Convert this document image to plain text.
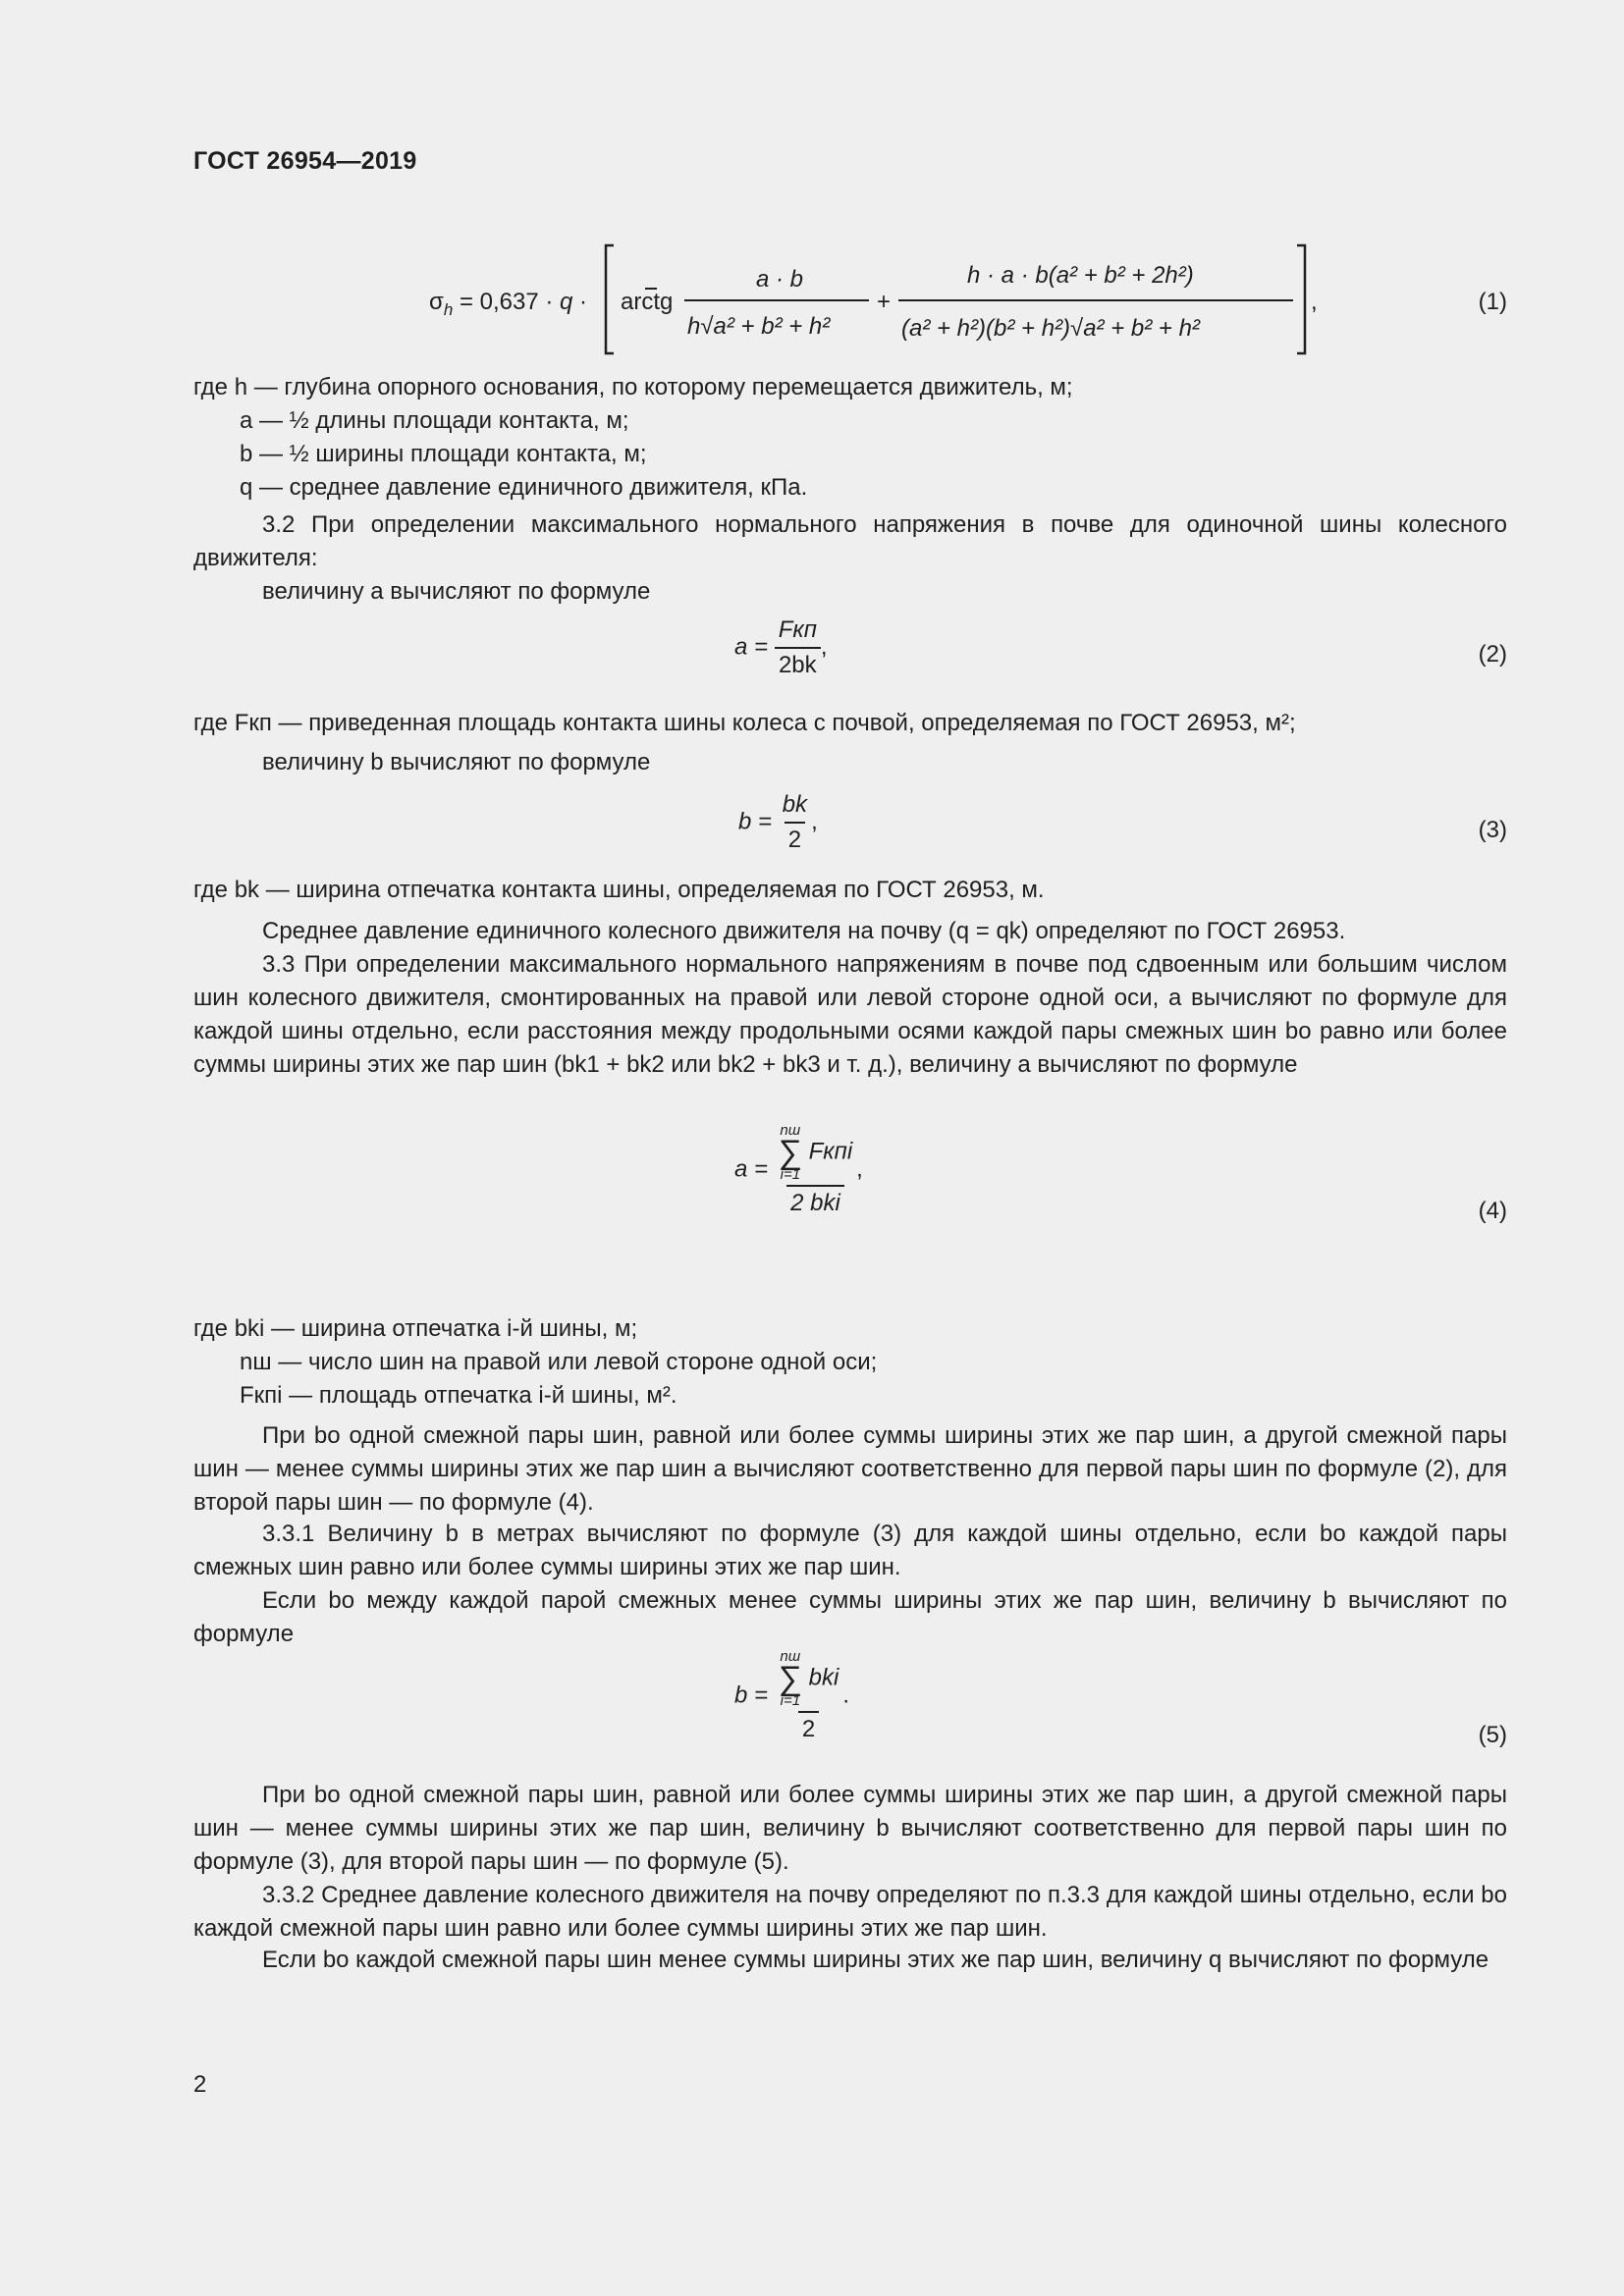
ГОСТ 26954—2019
$\sigma_h = 0,637 \cdot q$ · arctg
a · b
h√a² + b² + h²
+
h · a · b(a² + b² + 2h²)
(a² + h²)(b² + h²)√a² + b² + h²
,	(1)
где h — глубина опорного основания, по которому перемещается движитель, м;
a — ½ длины площади контакта, м;
b — ½ ширины площади контакта, м;
q — среднее давление единичного движителя, кПа.
3.2 При определении максимального нормального напряжения в почве для одиночной шины колесного движителя:
величину a вычисляют по формуле
$a = \frac{\text{Fкп}}{2bk}$ ,	(2)
где Fкп — приведенная площадь контакта шины колеса с почвой, определяемая по ГОСТ 26953, м²;
величину b вычисляют по формуле
$b = \frac{bk}{2}$ ,	(3)
где bk — ширина отпечатка контакта шины, определяемая по ГОСТ 26953, м.
Среднее давление единичного колесного движителя на почву (q = qk) определяют по ГОСТ 26953.
3.3 При определении максимального нормального напряжениям в почве под сдвоенным или большим числом шин колесного движителя, смонтированных на правой или левой стороне одной оси, a вычисляют по формуле для каждой шины отдельно, если расстояния между продольными осями каждой пары смежных шин bo равно или более суммы ширины этих же пар шин (bk1 + bk2 или bk2 + bk3 и т. д.), величину a вычисляют по формуле
a = nш
∑
i=1
Fкпi
2 bki ,
(4)
где bki — ширина отпечатка i-й шины, м;
nш — число шин на правой или левой стороне одной оси;
Fкпi — площадь отпечатка i-й шины, м².
При bo одной смежной пары шин, равной или более суммы ширины этих же пар шин, а другой смежной пары шин — менее суммы ширины этих же пар шин a вычисляют соответственно для первой пары шин по формуле (2), для второй пары шин — по формуле (4).
3.3.1 Величину b в метрах вычисляют по формуле (3) для каждой шины отдельно, если bo каждой пары смежных шин равно или более суммы ширины этих же пар шин.
Если bo между каждой парой смежных менее суммы ширины этих же пар шин, величину b вычисляют по формуле
b = nш
∑
i=1
bki
2 .
(5)
При bo одной смежной пары шин, равной или более суммы ширины этих же пар шин, а другой смежной пары шин — менее суммы ширины этих же пар шин, величину b вычисляют соответственно для первой пары шин по формуле (3), для второй пары шин — по формуле (5).
3.3.2 Среднее давление колесного движителя на почву определяют по п.3.3 для каждой шины отдельно, если bo каждой смежной пары шин равно или более суммы ширины этих же пар шин.
Если bo каждой смежной пары шин менее суммы ширины этих же пар шин, величину q вычисляют по формуле
2
